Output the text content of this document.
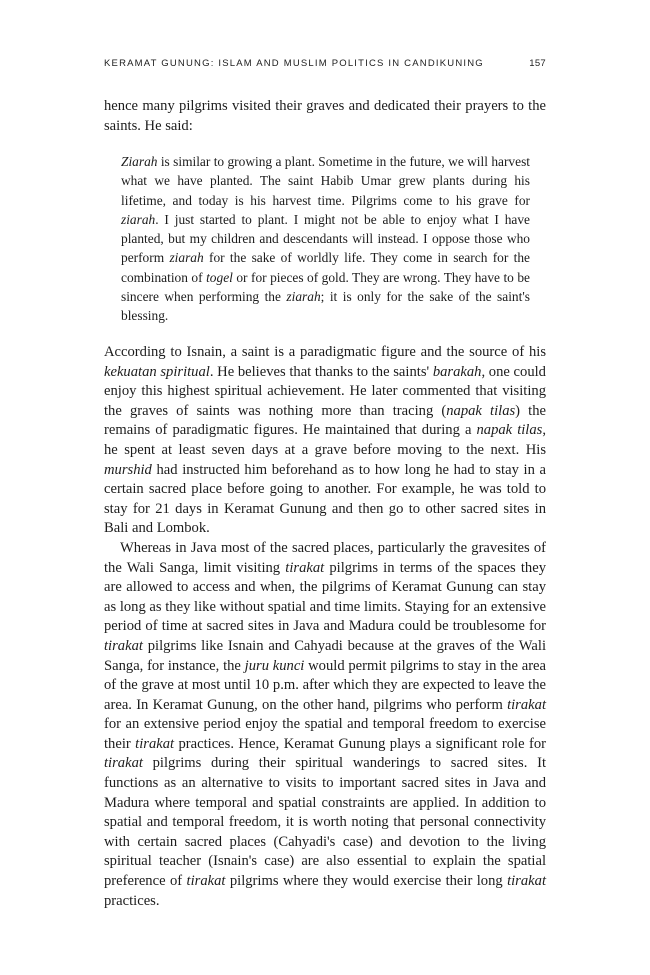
KERAMAT GUNUNG: ISLAM AND MUSLIM POLITICS IN CANDIKUNING	157
hence many pilgrims visited their graves and dedicated their prayers to the saints. He said:
Ziarah is similar to growing a plant. Sometime in the future, we will harvest what we have planted. The saint Habib Umar grew plants during his lifetime, and today is his harvest time. Pilgrims come to his grave for ziarah. I just started to plant. I might not be able to enjoy what I have planted, but my children and descendants will instead. I oppose those who perform ziarah for the sake of worldly life. They come in search for the combination of togel or for pieces of gold. They are wrong. They have to be sincere when performing the ziarah; it is only for the sake of the saint's blessing.

According to Isnain, a saint is a paradigmatic figure and the source of his kekuatan spiritual. He believes that thanks to the saints' barakah, one could enjoy this highest spiritual achievement. He later commented that visiting the graves of saints was nothing more than tracing (napak tilas) the remains of paradigmatic figures. He maintained that during a napak tilas, he spent at least seven days at a grave before moving to the next. His murshid had instructed him beforehand as to how long he had to stay in a certain sacred place before going to another. For example, he was told to stay for 21 days in Keramat Gunung and then go to other sacred sites in Bali and Lombok.

Whereas in Java most of the sacred places, particularly the gravesites of the Wali Sanga, limit visiting tirakat pilgrims in terms of the spaces they are allowed to access and when, the pilgrims of Keramat Gunung can stay as long as they like without spatial and time limits. Staying for an extensive period of time at sacred sites in Java and Madura could be troublesome for tirakat pilgrims like Isnain and Cahyadi because at the graves of the Wali Sanga, for instance, the juru kunci would permit pilgrims to stay in the area of the grave at most until 10 p.m. after which they are expected to leave the area. In Keramat Gunung, on the other hand, pilgrims who perform tirakat for an extensive period enjoy the spatial and temporal freedom to exercise their tirakat practices. Hence, Keramat Gunung plays a significant role for tirakat pilgrims during their spiritual wanderings to sacred sites. It functions as an alternative to visits to important sacred sites in Java and Madura where temporal and spatial constraints are applied. In addition to spatial and temporal freedom, it is worth noting that personal connectivity with certain sacred places (Cahyadi's case) and devotion to the living spiritual teacher (Isnain's case) are also essential to explain the spatial preference of tirakat pilgrims where they would exercise their long tirakat practices.
